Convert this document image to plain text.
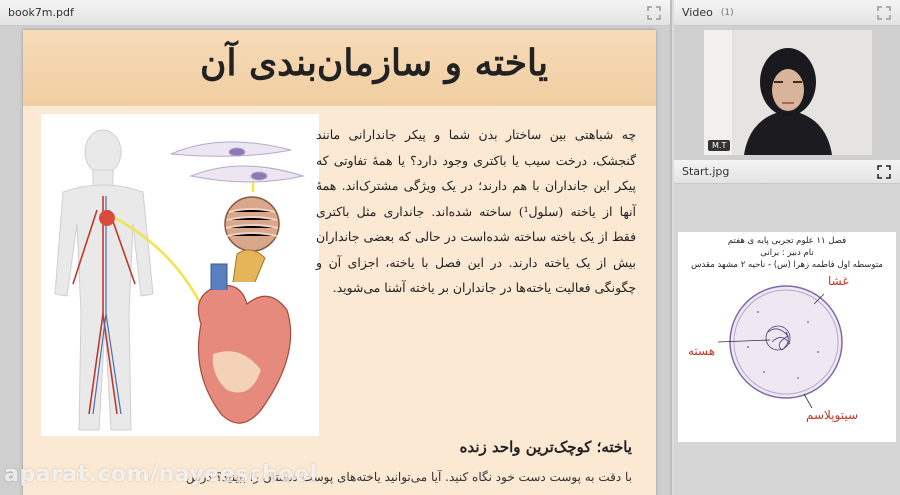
book7m.pdf
یاخته و سازمان‌بندی آن
چه شباهتی بین ساختار بدن شما و پیکر جاندارانی مانند گنجشک، درخت سیب یا باکتری وجود دارد؟ یا همهٔ تفاوتی که پیکر این جانداران با هم دارند؛ در یک ویژگی مشترک‌اند. همهٔ آنها از یاخته (سلول¹) ساخته شده‌اند. جانداری مثل باکتری فقط از یک یاخته ساخته شده‌است در حالی که بعضی جانداران بیش از یک یاخته دارند. در این فصل با یاخته، اجزای آن و چگونگی فعالیت یاخته‌ها در جانداران بر یاخته آشنا می‌شوید.
یاخته؛ کوچک‌ترین واحد زنده
با دقت به پوست دست خود نگاه کنید. آیا می‌توانید یاخته‌های پوست دستتان را ببینید؟ درس
Video (1)
M.T
Start.jpg
فصل ۱۱ علوم تجربی پایه ی هفتم
نام دبیر : برانی
متوسطه اول فاطمه زهرا (س) - ناحیه ۲ مشهد مقدس
غشا
هسته
سیتوپلاسم
aparat.com/nayeeschool
